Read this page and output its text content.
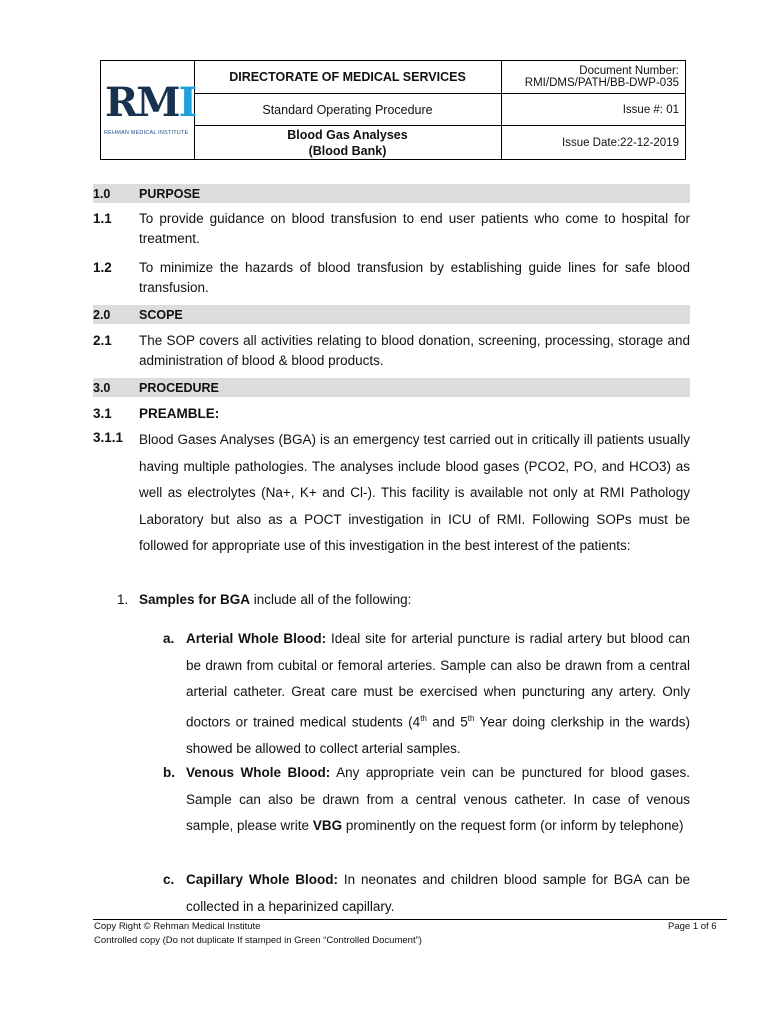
RMI
REHMAN MEDICAL INSTITUTE
DIRECTORATE OF MEDICAL SERVICES	Document Number:
RMI/DMS/PATH/BB-DWP-035
Standard Operating Procedure	Issue #: 01
Blood Gas Analyses
(Blood Bank)
Issue Date:22-12-2019
1.0 PURPOSE
1.1 To provide guidance on blood transfusion to end user patients who come to hospital for treatment.
1.2 To minimize the hazards of blood transfusion by establishing guide lines for safe blood transfusion.
2.0 SCOPE
2.1 The SOP covers all activities relating to blood donation, screening, processing, storage and administration of blood & blood products.
3.0 PROCEDURE
3.1 PREAMBLE:
3.1.1 Blood Gases Analyses (BGA) is an emergency test carried out in critically ill patients usually having multiple pathologies. The analyses include blood gases (PCO2, PO, and HCO3) as well as electrolytes (Na+, K+ and Cl-). This facility is available not only at RMI Pathology Laboratory but also as a POCT investigation in ICU of RMI. Following SOPs must be followed for appropriate use of this investigation in the best interest of the patients:
1. Samples for BGA include all of the following:
a. Arterial Whole Blood: Ideal site for arterial puncture is radial artery but blood can be drawn from cubital or femoral arteries. Sample can also be drawn from a central arterial catheter. Great care must be exercised when puncturing any artery. Only doctors or trained medical students (4th and 5th Year doing clerkship in the wards) showed be allowed to collect arterial samples.
b. Venous Whole Blood: Any appropriate vein can be punctured for blood gases. Sample can also be drawn from a central venous catheter. In case of venous sample, please write VBG prominently on the request form (or inform by telephone)
c. Capillary Whole Blood: In neonates and children blood sample for BGA can be collected in a heparinized capillary.
Copy Right © Rehman Medical Institute	Page 1 of 6
Controlled copy (Do not duplicate If stamped in Green “Controlled Document”)
